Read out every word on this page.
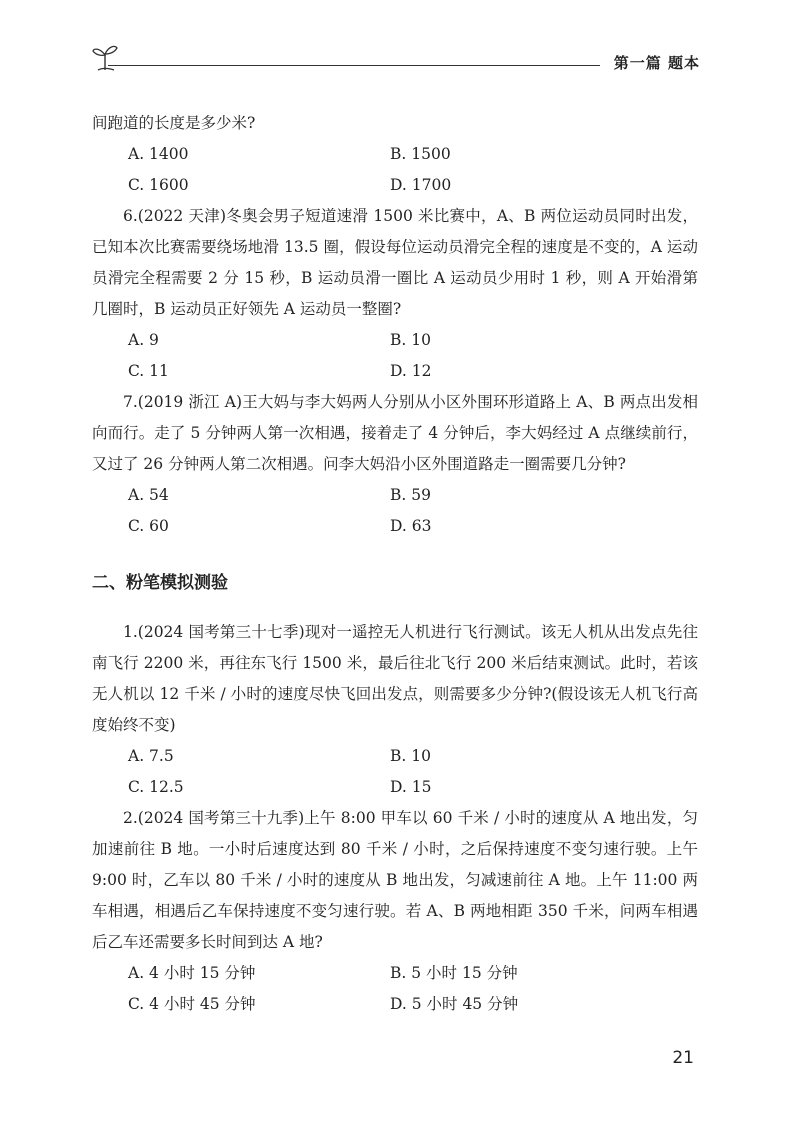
第一篇 题本

间跑道的长度是多少米?

A. 1400	B. 1500
C. 1600	D. 1700

6.(2022 天津)冬奥会男子短道速滑 1500 米比赛中，A、B 两位运动员同时出发，已知本次比赛需要绕场地滑 13.5 圈，假设每位运动员滑完全程的速度是不变的，A 运动员滑完全程需要 2 分 15 秒，B 运动员滑一圈比 A 运动员少用时 1 秒，则 A 开始滑第几圈时，B 运动员正好领先 A 运动员一整圈?

A. 9	B. 10
C. 11	D. 12

7.(2019 浙江 A)王大妈与李大妈两人分别从小区外围环形道路上 A、B 两点出发相向而行。走了 5 分钟两人第一次相遇，接着走了 4 分钟后，李大妈经过 A 点继续前行，又过了 26 分钟两人第二次相遇。问李大妈沿小区外围道路走一圈需要几分钟?

A. 54	B. 59
C. 60	D. 63
二、粉笔模拟测验

1.(2024 国考第三十七季)现对一遥控无人机进行飞行测试。该无人机从出发点先往南飞行 2200 米，再往东飞行 1500 米，最后往北飞行 200 米后结束测试。此时，若该无人机以 12 千米 / 小时的速度尽快飞回出发点，则需要多少分钟?(假设该无人机飞行高度始终不变)

A. 7.5	B. 10
C. 12.5	D. 15

2.(2024 国考第三十九季)上午 8:00 甲车以 60 千米 / 小时的速度从 A 地出发，匀加速前往 B 地。一小时后速度达到 80 千米 / 小时，之后保持速度不变匀速行驶。上午 9:00 时，乙车以 80 千米 / 小时的速度从 B 地出发，匀减速前往 A 地。上午 11:00 两车相遇，相遇后乙车保持速度不变匀速行驶。若 A、B 两地相距 350 千米，问两车相遇后乙车还需要多长时间到达 A 地?

A. 4 小时 15 分钟	B. 5 小时 15 分钟
C. 4 小时 45 分钟	D. 5 小时 45 分钟
21
